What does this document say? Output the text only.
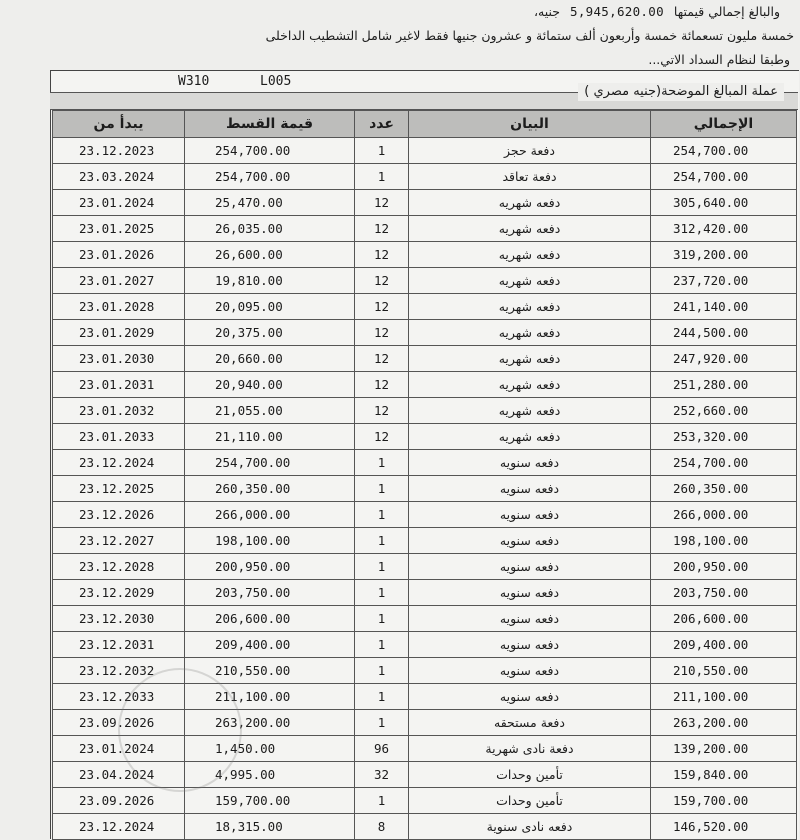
والبالغ إجمالي قيمتها 5,945,620.00 جنيه،
خمسة مليون تسعمائة خمسة وأربعون ألف ستمائة و عشرون جنيها فقط لاغير شامل التشطيب الداخلى
وطبقا لنظام السداد الاتي...
W310	L005
عملة المبالغ الموضحة(جنيه مصري )
يبدأ من	قيمة القسط	عدد	البيان	الإجمالي
23.12.2023	254,700.00	1	دفعة حجز	254,700.00
23.03.2024	254,700.00	1	دفعة تعاقد	254,700.00
23.01.2024	25,470.00	12	دفعه شهريه	305,640.00
23.01.2025	26,035.00	12	دفعه شهريه	312,420.00
23.01.2026	26,600.00	12	دفعه شهريه	319,200.00
23.01.2027	19,810.00	12	دفعه شهريه	237,720.00
23.01.2028	20,095.00	12	دفعه شهريه	241,140.00
23.01.2029	20,375.00	12	دفعه شهريه	244,500.00
23.01.2030	20,660.00	12	دفعه شهريه	247,920.00
23.01.2031	20,940.00	12	دفعه شهريه	251,280.00
23.01.2032	21,055.00	12	دفعه شهريه	252,660.00
23.01.2033	21,110.00	12	دفعه شهريه	253,320.00
23.12.2024	254,700.00	1	دفعه سنويه	254,700.00
23.12.2025	260,350.00	1	دفعه سنويه	260,350.00
23.12.2026	266,000.00	1	دفعه سنويه	266,000.00
23.12.2027	198,100.00	1	دفعه سنويه	198,100.00
23.12.2028	200,950.00	1	دفعه سنويه	200,950.00
23.12.2029	203,750.00	1	دفعه سنويه	203,750.00
23.12.2030	206,600.00	1	دفعه سنويه	206,600.00
23.12.2031	209,400.00	1	دفعه سنويه	209,400.00
23.12.2032	210,550.00	1	دفعه سنويه	210,550.00
23.12.2033	211,100.00	1	دفعه سنويه	211,100.00
23.09.2026	263,200.00	1	دفعة مستحقه	263,200.00
23.01.2024	1,450.00	96	دفعة نادى شهرية	139,200.00
23.04.2024	4,995.00	32	تأمين وحدات	159,840.00
23.09.2026	159,700.00	1	تأمين وحدات	159,700.00
23.12.2024	18,315.00	8	دفعه نادى سنوية	146,520.00
